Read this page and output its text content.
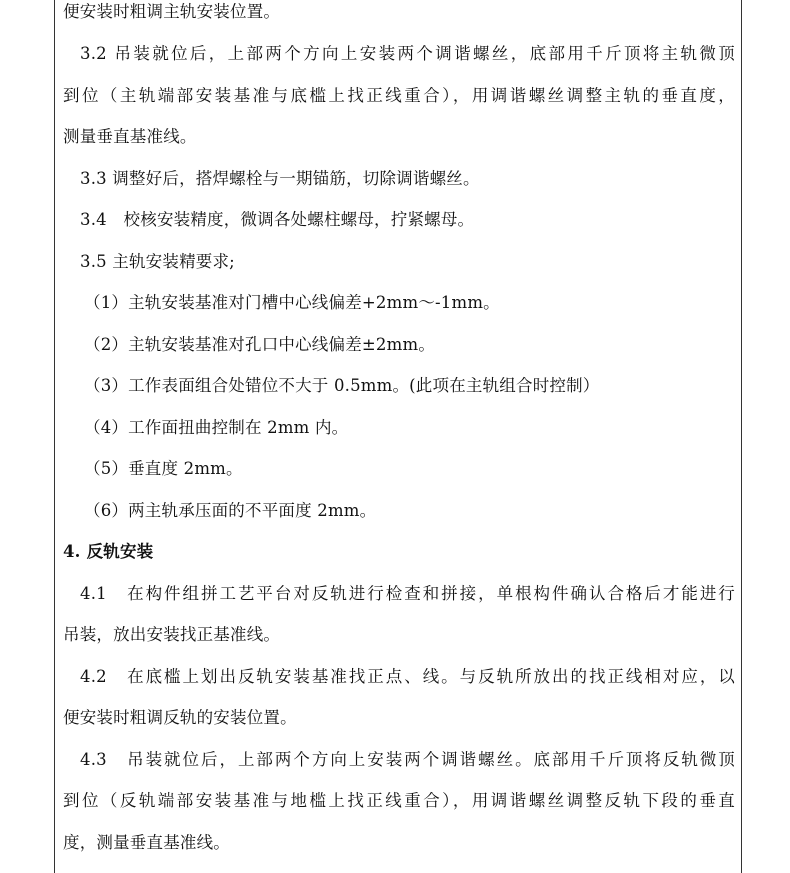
便安装时粗调主轨安装位置。
3.2 吊装就位后，上部两个方向上安装两个调谐螺丝，底部用千斤顶将主轨微顶
到位（主轨端部安装基准与底槛上找正线重合），用调谐螺丝调整主轨的垂直度，
测量垂直基准线。
3.3 调整好后，搭焊螺栓与一期锚筋，切除调谐螺丝。
3.4　校核安装精度，微调各处螺柱螺母，拧紧螺母。
3.5 主轨安装精要求;
（1）主轨安装基准对门槽中心线偏差+2mm～-1mm。
（2）主轨安装基准对孔口中心线偏差±2mm。
（3）工作表面组合处错位不大于 0.5mm。(此项在主轨组合时控制）
（4）工作面扭曲控制在 2mm 内。
（5）垂直度 2mm。
（6）两主轨承压面的不平面度 2mm。
4. 反轨安装
4.1　在构件组拼工艺平台对反轨进行检查和拼接，单根构件确认合格后才能进行
吊装，放出安装找正基准线。
4.2　在底槛上划出反轨安装基准找正点、线。与反轨所放出的找正线相对应，以
便安装时粗调反轨的安装位置。
4.3　吊装就位后，上部两个方向上安装两个调谐螺丝。底部用千斤顶将反轨微顶
到位（反轨端部安装基准与地槛上找正线重合），用调谐螺丝调整反轨下段的垂直
度，测量垂直基准线。
